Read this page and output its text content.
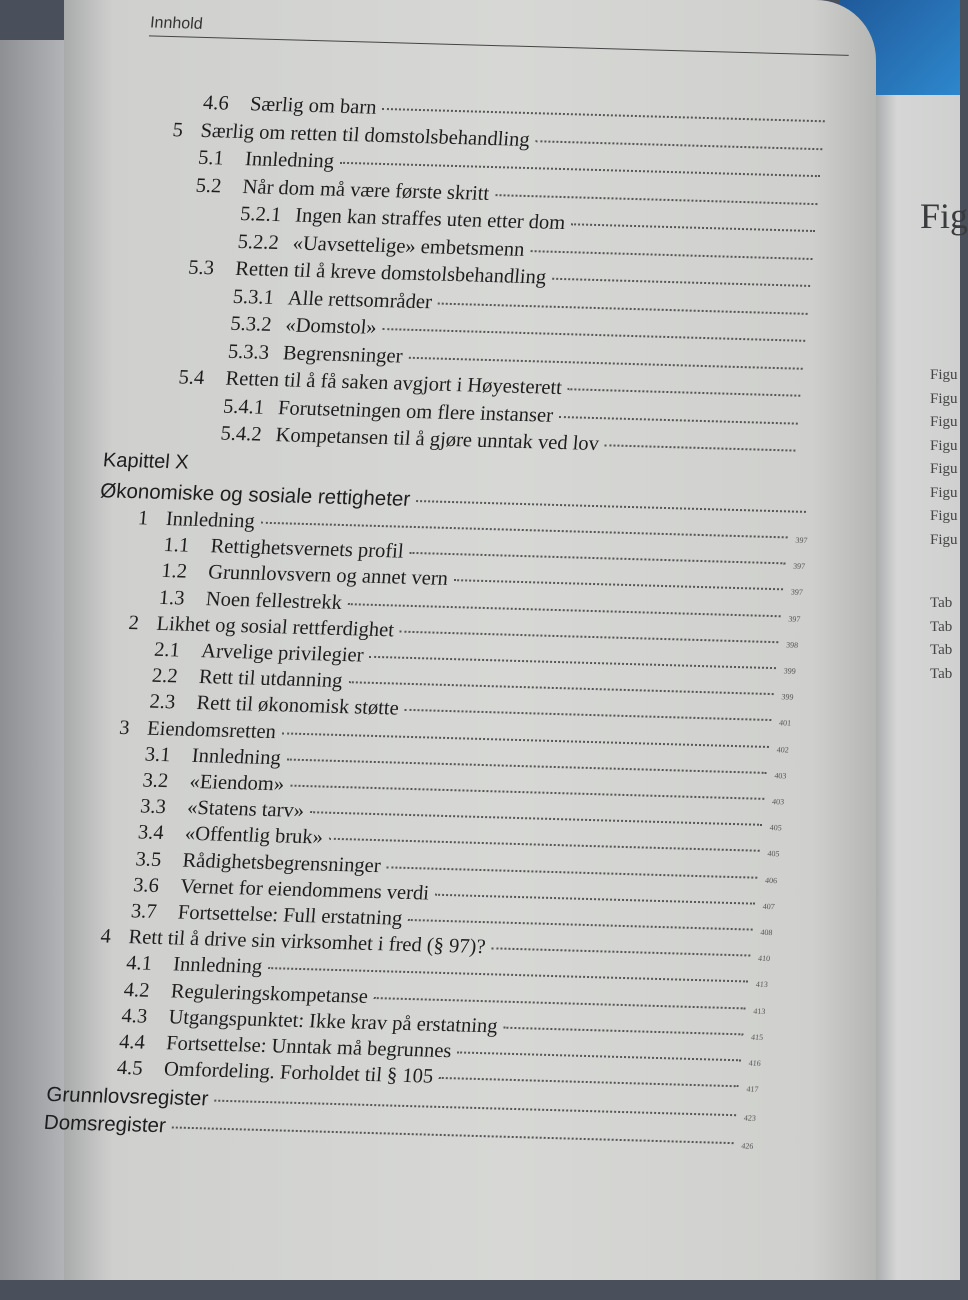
Fig
Figu
Figu
Figu
Figu
Figu
Figu
Figu
Figu
Tab
Tab
Tab
Tab
Innhold
Kapittel X
4.6 Særlig om barn
5 Særlig om retten til domstolsbehandling
5.1 Innledning
5.2 Når dom må være første skritt
5.2.1 Ingen kan straffes uten etter dom
5.2.2 «Uavsettelige» embetsmenn
5.3 Retten til å kreve domstolsbehandling
5.3.1 Alle rettsområder
5.3.2 «Domstol»
5.3.3 Begrensninger
5.4 Retten til å få saken avgjort i Høyesterett
5.4.1 Forutsetningen om flere instanser
5.4.2 Kompetansen til å gjøre unntak ved lov
Økonomiske og sosiale rettigheter
1 Innledning
397
1.1 Rettighetsvernets profil
397
1.2 Grunnlovsvern og annet vern
397
1.3 Noen fellestrekk
397
2 Likhet og sosial rettferdighet
398
2.1 Arvelige privilegier
399
2.2 Rett til utdanning
399
2.3 Rett til økonomisk støtte
401
3 Eiendomsretten
402
3.1 Innledning
403
3.2 «Eiendom»
403
3.3 «Statens tarv»
405
3.4 «Offentlig bruk»
405
3.5 Rådighetsbegrensninger
406
3.6 Vernet for eiendommens verdi
407
3.7 Fortsettelse: Full erstatning
408
4 Rett til å drive sin virksomhet i fred (§ 97)?
410
4.1 Innledning
413
4.2 Reguleringskompetanse
413
4.3 Utgangspunktet: Ikke krav på erstatning	415
4.4 Fortsettelse: Unntak må begrunnes
416
4.5 Omfordeling. Forholdet til § 105
417
Grunnlovsregister
423
Domsregister
426
